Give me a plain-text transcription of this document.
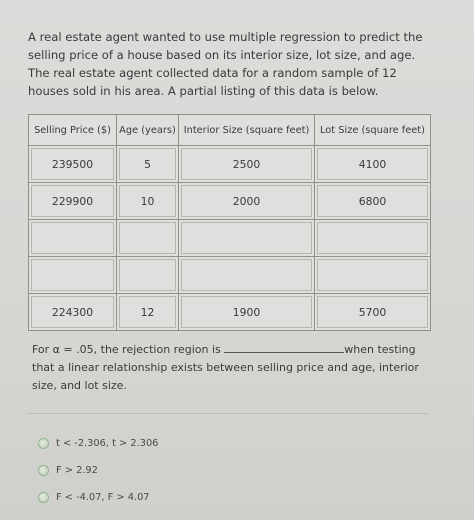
A real estate agent wanted to use multiple regression to predict the selling price of a house based on its interior size, lot size, and age. The real estate agent collected data for a random sample of 12 houses sold in his area. A partial listing of this data is below.

Selling Price ($)	Age (years)	Interior Size (square feet)	Lot Size (square feet)

239500	5	2500	4100

229900	10	2000	6800

224300	12	1900	5700
For α = .05, the rejection region is	when testing that a linear relationship exists between selling price and age, interior size, and lot size.
t < -2.306, t > 2.306
F > 2.92
F < -4.07, F > 4.07
